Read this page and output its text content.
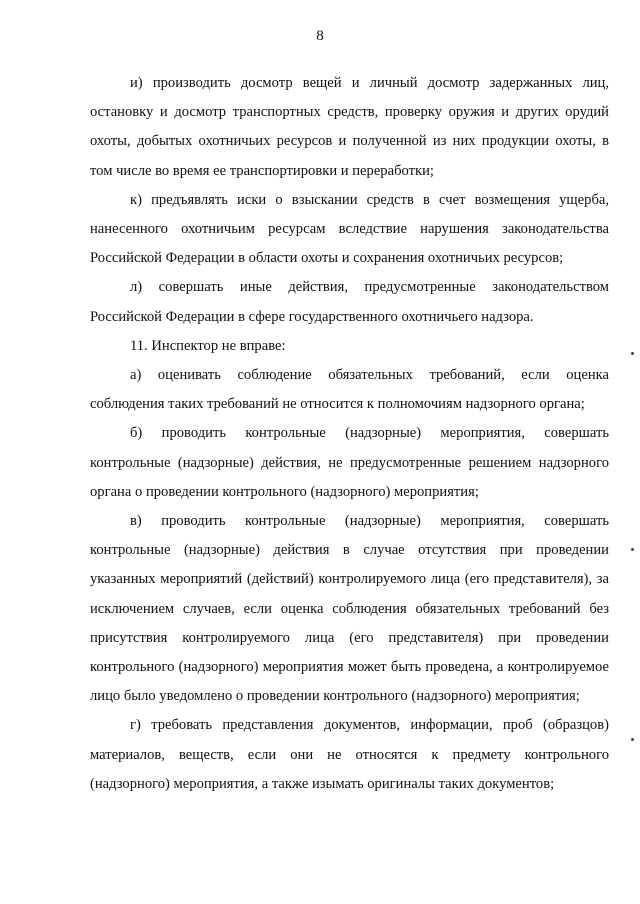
8

и) производить досмотр вещей и личный досмотр задержанных лиц, остановку и досмотр транспортных средств, проверку оружия и других орудий охоты, добытых охотничьих ресурсов и полученной из них продукции охоты, в том числе во время ее транспортировки и переработки;

к) предъявлять иски о взыскании средств в счет возмещения ущерба, нанесенного охотничьим ресурсам вследствие нарушения законодательства Российской Федерации в области охоты и сохранения охотничьих ресурсов;

л) совершать иные действия, предусмотренные законодательством Российской Федерации в сфере государственного охотничьего надзора.

11. Инспектор не вправе:

а) оценивать соблюдение обязательных требований, если оценка соблюдения таких требований не относится к полномочиям надзорного органа;

б) проводить контрольные (надзорные) мероприятия, совершать контрольные (надзорные) действия, не предусмотренные решением надзорного органа о проведении контрольного (надзорного) мероприятия;

в) проводить контрольные (надзорные) мероприятия, совершать контрольные (надзорные) действия в случае отсутствия при проведении указанных мероприятий (действий) контролируемого лица (его представителя), за исключением случаев, если оценка соблюдения обязательных требований без присутствия контролируемого лица (его представителя) при проведении контрольного (надзорного) мероприятия может быть проведена, а контролируемое лицо было уведомлено о проведении контрольного (надзорного) мероприятия;

г) требовать представления документов, информации, проб (образцов) материалов, веществ, если они не относятся к предмету контрольного (надзорного) мероприятия, а также изымать оригиналы таких документов;
